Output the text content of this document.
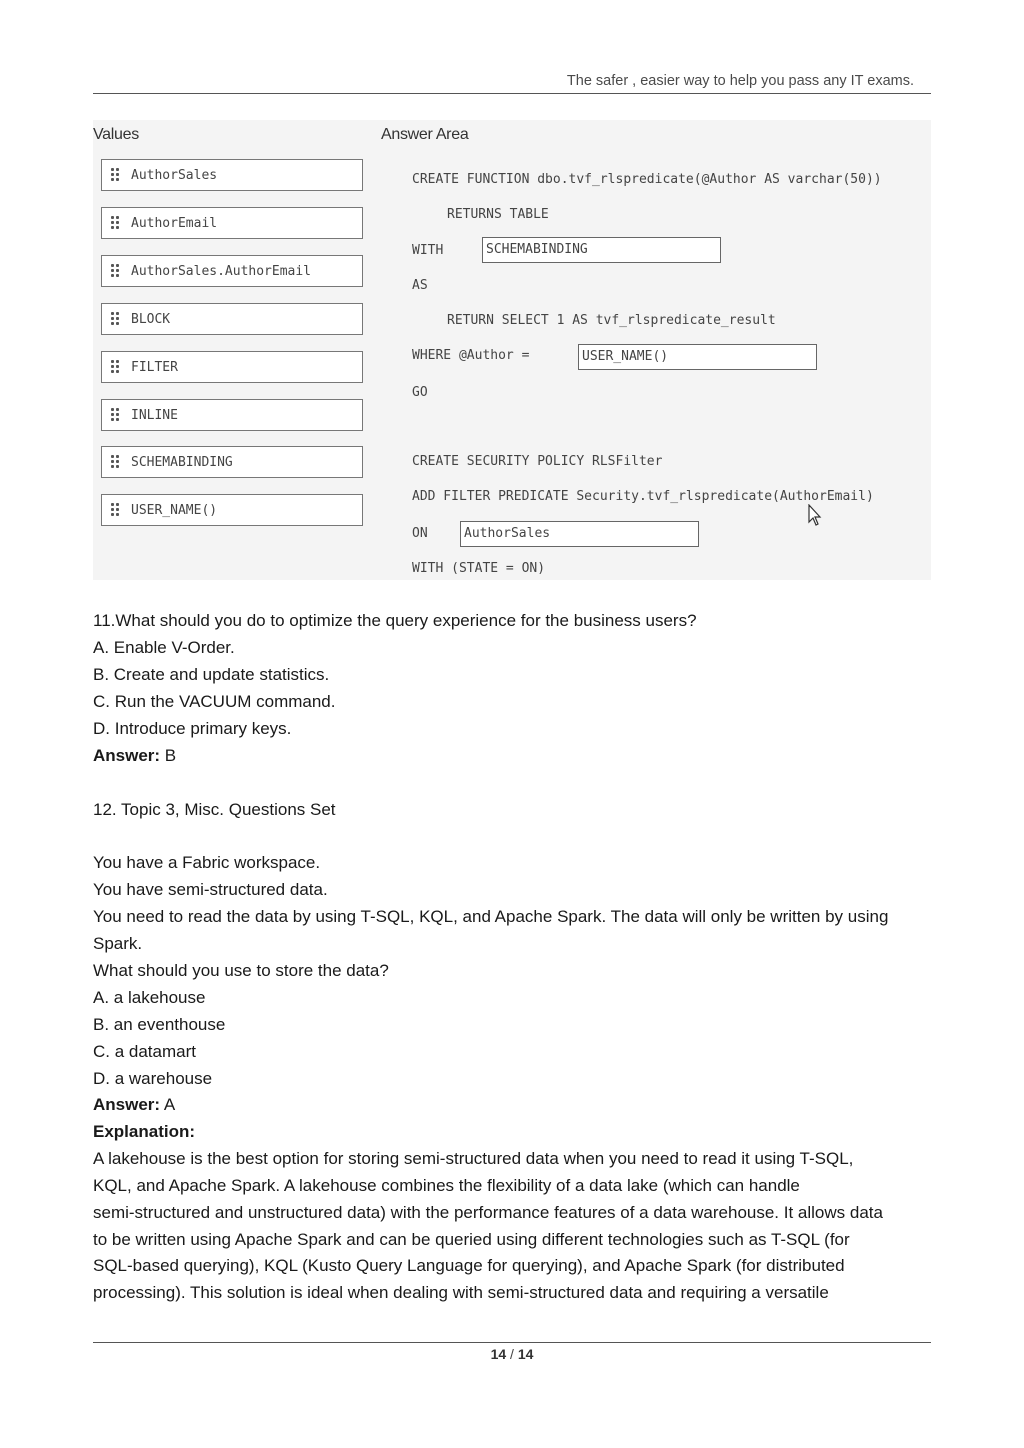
The safer , easier way to help you pass any IT exams.
Values	Answer Area
AuthorSales
AuthorEmail
AuthorSales.AuthorEmail
BLOCK
FILTER
INLINE
SCHEMABINDING
USER_NAME()
CREATE FUNCTION dbo.tvf_rlspredicate(@Author AS varchar(50))
RETURNS TABLE
WITH	SCHEMABINDING
AS
RETURN SELECT 1 AS tvf_rlspredicate_result
WHERE @Author =	USER_NAME()
GO
CREATE SECURITY POLICY RLSFilter
ADD FILTER PREDICATE Security.tvf_rlspredicate(AuthorEmail)
ON	AuthorSales
WITH (STATE = ON)
11.What should you do to optimize the query experience for the business users?
A. Enable V-Order.
B. Create and update statistics.
C. Run the VACUUM command.
D. Introduce primary keys.
Answer: B
12. Topic 3, Misc. Questions Set
You have a Fabric workspace.
You have semi-structured data.
You need to read the data by using T-SQL, KQL, and Apache Spark. The data will only be written by using
Spark.
What should you use to store the data?
A. a lakehouse
B. an eventhouse
C. a datamart
D. a warehouse
Answer: A
Explanation:
A lakehouse is the best option for storing semi-structured data when you need to read it using T-SQL,
KQL, and Apache Spark. A lakehouse combines the flexibility of a data lake (which can handle
semi-structured and unstructured data) with the performance features of a data warehouse. It allows data
to be written using Apache Spark and can be queried using different technologies such as T-SQL (for
SQL-based querying), KQL (Kusto Query Language for querying), and Apache Spark (for distributed
processing). This solution is ideal when dealing with semi-structured data and requiring a versatile
14 / 14
